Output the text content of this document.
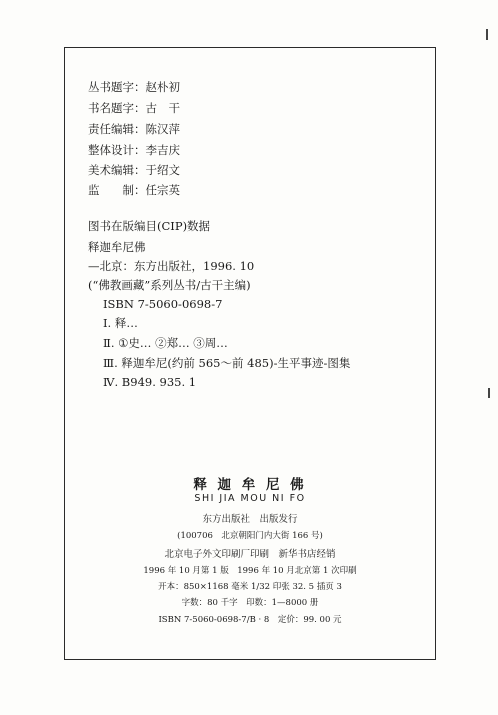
丛书题字：赵朴初
书名题字：古　干
责任编辑：陈汉萍
整体设计：李吉庆
美术编辑：于绍文
监　　制：任宗英
图书在版编目(CIP)数据
释迦牟尼佛
—北京：东方出版社，1996. 10
(“佛教画藏”系列丛书/古干主编)
ISBN 7-5060-0698-7
Ⅰ. 释…
Ⅱ. ①史… ②郑… ③周…
Ⅲ. 释迦牟尼(约前 565～前 485)-生平事迹-图集
Ⅳ. B949. 935. 1
释 迦 牟 尼 佛
SHI JIA MOU NI FO
东方出版社　出版发行
(100706　北京朝阳门内大街 166 号)
北京电子外文印刷厂印刷　新华书店经销
1996 年 10 月第 1 版　1996 年 10 月北京第 1 次印刷
开本：850×1168 毫米 1/32 印张 32. 5 插页 3
字数：80 千字　印数：1—8000 册
ISBN 7-5060-0698-7/B · 8　定价：99. 00 元
